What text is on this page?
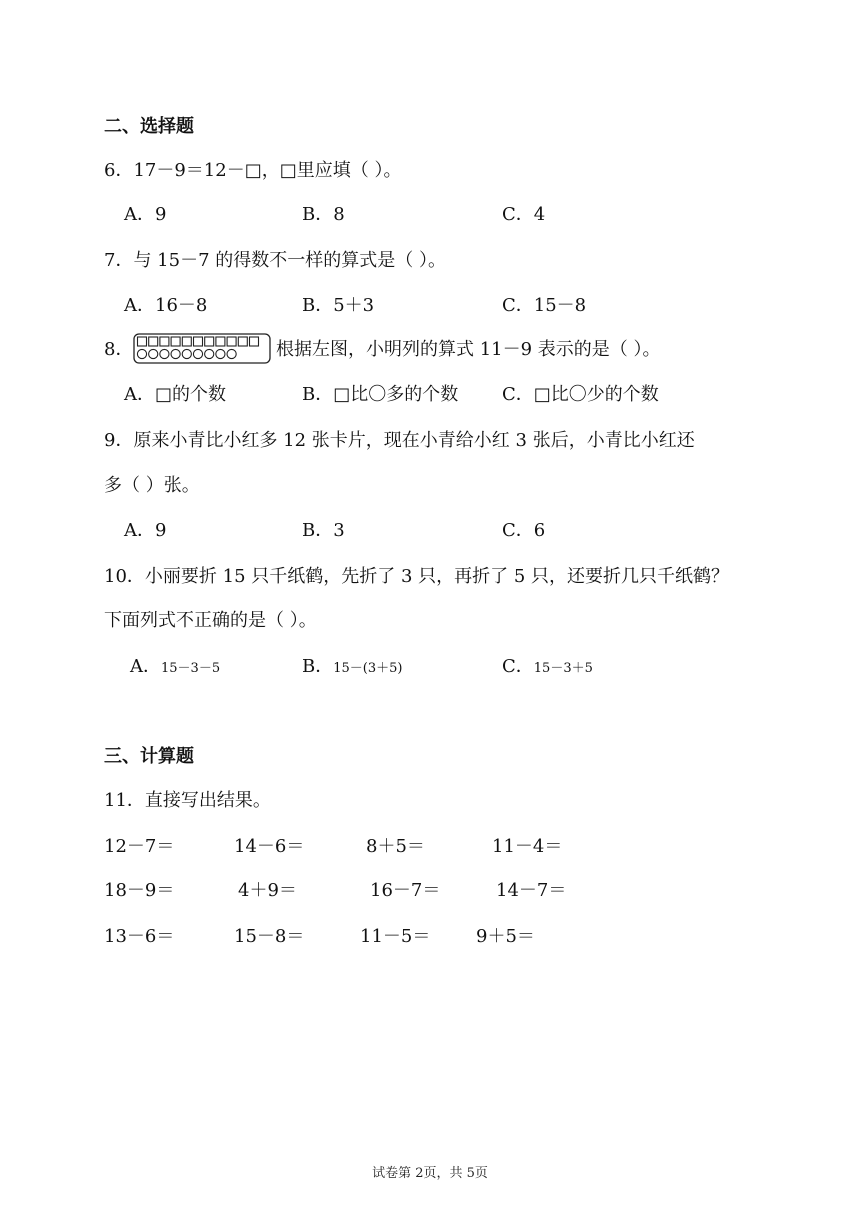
二、选择题
6．17－9＝12－□，□里应填（ ）。
A．9	B．8	C．4
7．与 15－7 的得数不一样的算式是（ ）。
A．16－8	B．5＋3	C．15－8
8．	根据左图，小明列的算式 11－9 表示的是（ ）。
A．□的个数	B．□比〇多的个数 C．□比〇少的个数
9．原来小青比小红多 12 张卡片，现在小青给小红 3 张后，小青比小红还
多（ ）张。
A．9	B．3	C．6
10．小丽要折 15 只千纸鹤，先折了 3 只，再折了 5 只，还要折几只千纸鹤？
下面列式不正确的是（ ）。
A．15－3－5	B．15－(3＋5)	C．15－3＋5
三、计算题
11．直接写出结果。
12－7＝	14－6＝	8＋5＝	11－4＝
18－9＝	4＋9＝	16－7＝	14－7＝
13－6＝	15－8＝	11－5＝	9＋5＝
试卷第 2页，共 5页
